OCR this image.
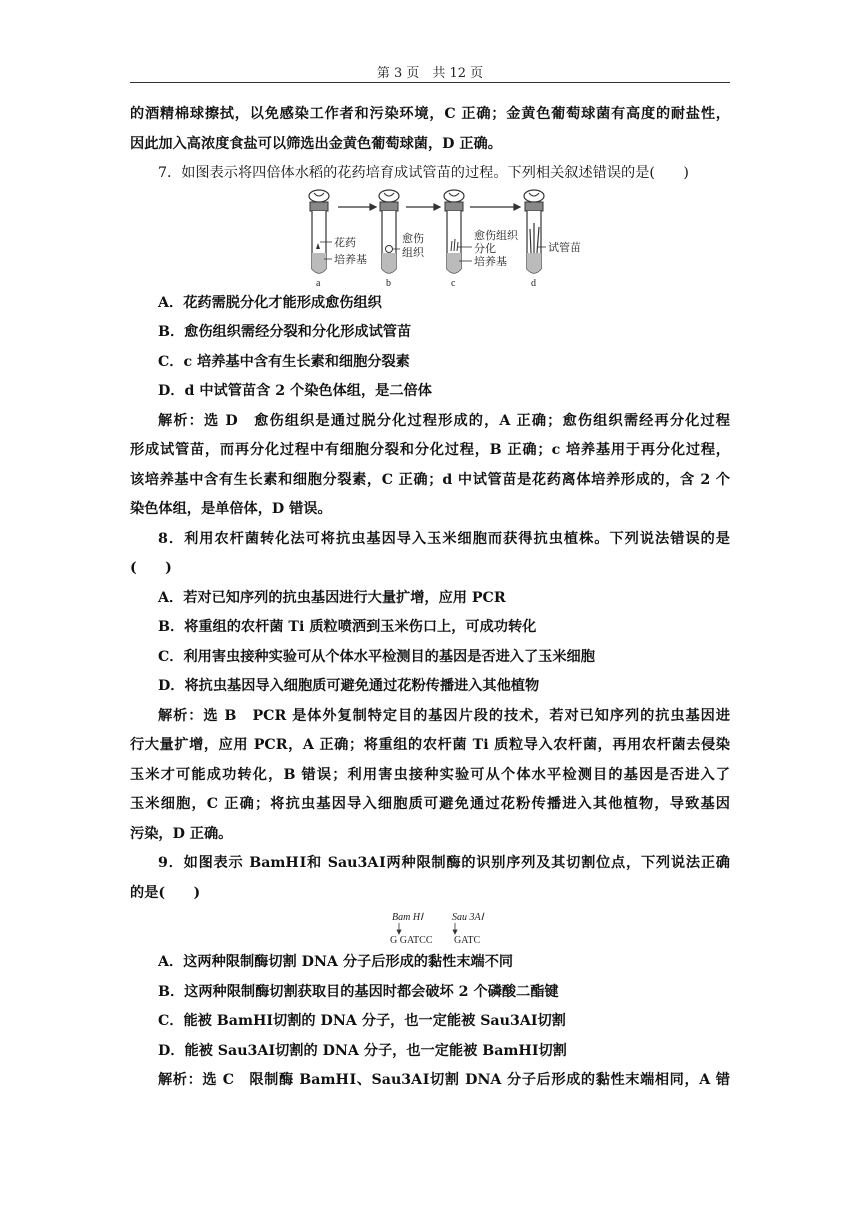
第 3 页　共 12 页
的酒精棉球擦拭，以免感染工作者和污染环境，C 正确；金黄色葡萄球菌有高度的耐盐性，
因此加入高浓度食盐可以筛选出金黄色葡萄球菌，D 正确。
7．如图表示将四倍体水稻的花药培育成试管苗的过程。下列相关叙述错误的是(　　)
花药
培养基
愈伤
组织
愈伤组织
分化
培养基
试管苗
a	b	c	d
A．花药需脱分化才能形成愈伤组织
B．愈伤组织需经分裂和分化形成试管苗
C．c 培养基中含有生长素和细胞分裂素
D．d 中试管苗含 2 个染色体组，是二倍体
解析：选 D　愈伤组织是通过脱分化过程形成的，A 正确；愈伤组织需经再分化过程
形成试管苗，而再分化过程中有细胞分裂和分化过程，B 正确；c 培养基用于再分化过程，
该培养基中含有生长素和细胞分裂素，C 正确；d 中试管苗是花药离体培养形成的，含 2 个
染色体组，是单倍体，D 错误。
8．利用农杆菌转化法可将抗虫基因导入玉米细胞而获得抗虫植株。下列说法错误的是
(　　)
A．若对已知序列的抗虫基因进行大量扩增，应用 PCR
B．将重组的农杆菌 Ti 质粒喷洒到玉米伤口上，可成功转化
C．利用害虫接种实验可从个体水平检测目的基因是否进入了玉米细胞
D．将抗虫基因导入细胞质可避免通过花粉传播进入其他植物
解析：选 B　PCR 是体外复制特定目的基因片段的技术，若对已知序列的抗虫基因进
行大量扩增，应用 PCR，A 正确；将重组的农杆菌 Ti 质粒导入农杆菌，再用农杆菌去侵染
玉米才可能成功转化，B 错误；利用害虫接种实验可从个体水平检测目的基因是否进入了
玉米细胞，C 正确；将抗虫基因导入细胞质可避免通过花粉传播进入其他植物，导致基因
污染，D 正确。
9．如图表示 BamHⅠ和 Sau3AⅠ两种限制酶的识别序列及其切割位点，下列说法正确
的是(　　)
Bam HⅠ	Sau 3AⅠ
G GATCC GATC
A．这两种限制酶切割 DNA 分子后形成的黏性末端不同
B．这两种限制酶切割获取目的基因时都会破坏 2 个磷酸二酯键
C．能被 BamHⅠ切割的 DNA 分子，也一定能被 Sau3AⅠ切割
D．能被 Sau3AⅠ切割的 DNA 分子，也一定能被 BamHⅠ切割
解析：选 C　限制酶 BamHⅠ、Sau3AⅠ切割 DNA 分子后形成的黏性末端相同，A 错
